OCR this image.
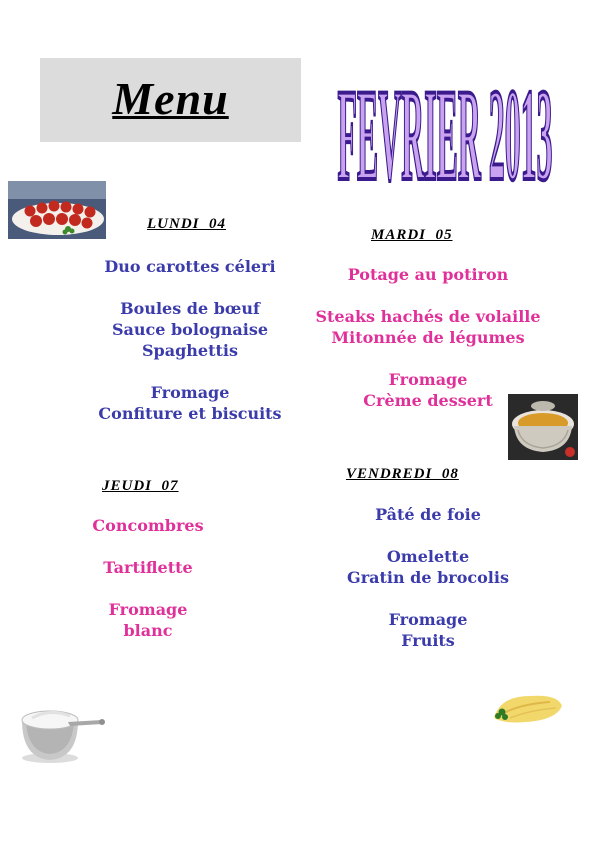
Menu	FEVRIER 2013
LUNDI  04
Duo carottes céleri
Boules de bœuf
Sauce bolognaise
Spaghettis
Fromage
Confiture et biscuits
MARDI  05
Potage au potiron
Steaks hachés de volaille
Mitonnée de légumes
Fromage
Crème dessert
JEUDI  07
Concombres
Tartiflette
Fromage
blanc
VENDREDI  08
Pâté de foie
Omelette
Gratin de brocolis
Fromage
Fruits
